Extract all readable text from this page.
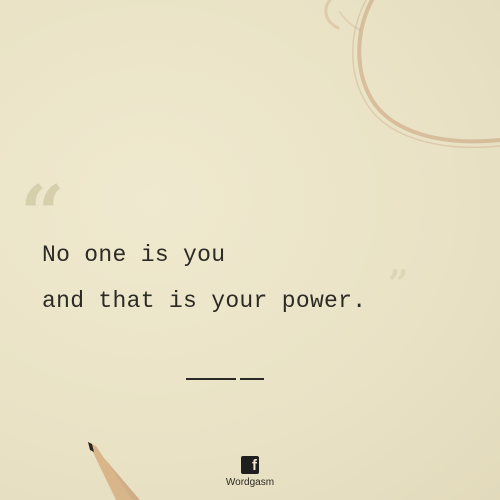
“

No one is you
and that is your power. ”
f
Wordgasm
